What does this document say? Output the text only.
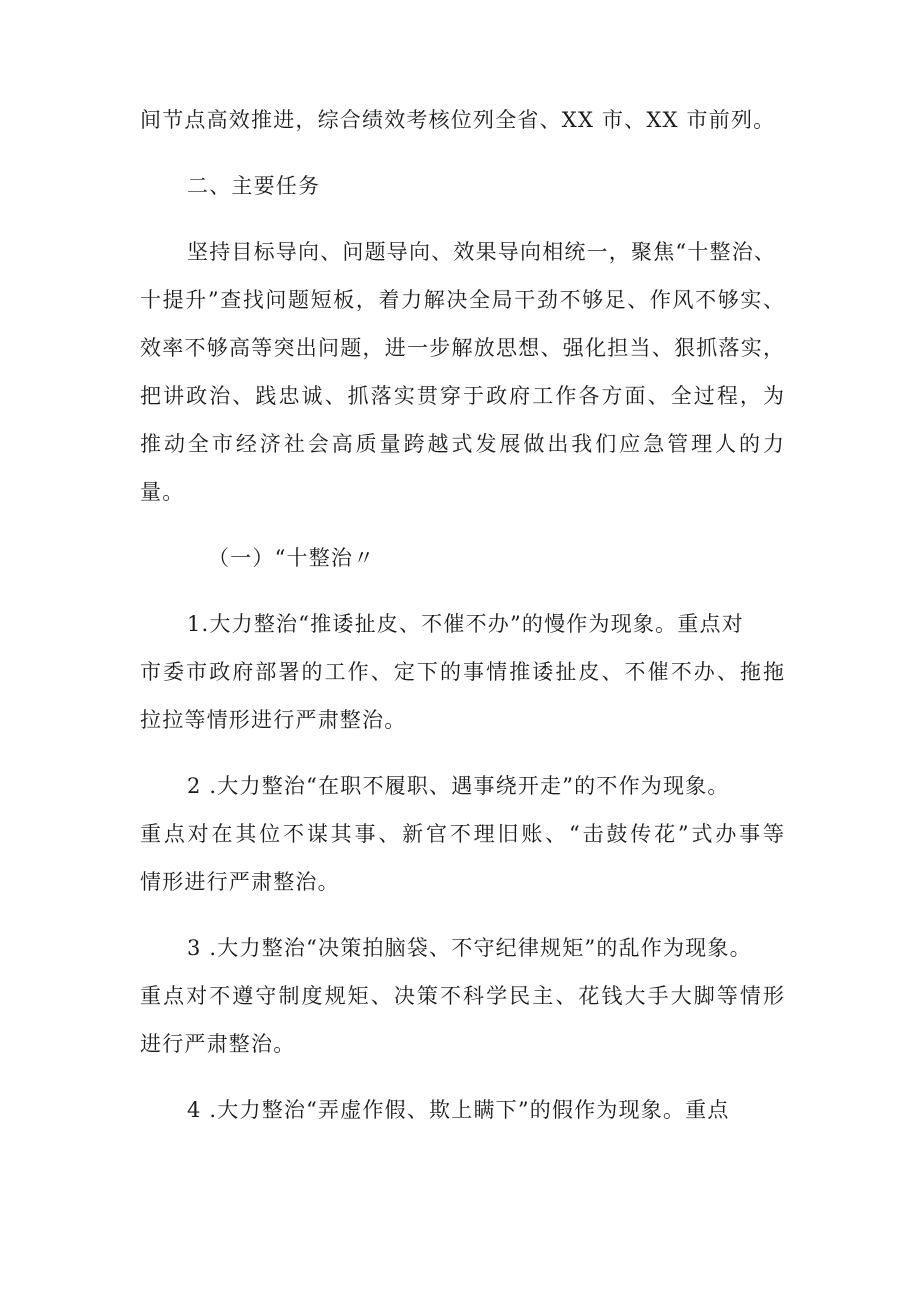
间节点高效推进，综合绩效考核位列全省、XX 市、XX 市前列。
二、主要任务
坚持目标导向、问题导向、效果导向相统一，聚焦“十整治、
十提升”查找问题短板，着力解决全局干劲不够足、作风不够实、
效率不够高等突出问题，进一步解放思想、强化担当、狠抓落实，
把讲政治、践忠诚、抓落实贯穿于政府工作各方面、全过程，为
推动全市经济社会高质量跨越式发展做出我们应急管理人的力
量。
（一）“十整治〃
1.大力整治“推诿扯皮、不催不办”的慢作为现象。重点对
市委市政府部署的工作、定下的事情推诿扯皮、不催不办、拖拖
拉拉等情形进行严肃整治。
2 .大力整治“在职不履职、遇事绕开走”的不作为现象。
重点对在其位不谋其事、新官不理旧账、“击鼓传花”式办事等
情形进行严肃整治。
3 .大力整治“决策拍脑袋、不守纪律规矩”的乱作为现象。
重点对不遵守制度规矩、决策不科学民主、花钱大手大脚等情形
进行严肃整治。
4 .大力整治“弄虚作假、欺上瞒下”的假作为现象。重点
